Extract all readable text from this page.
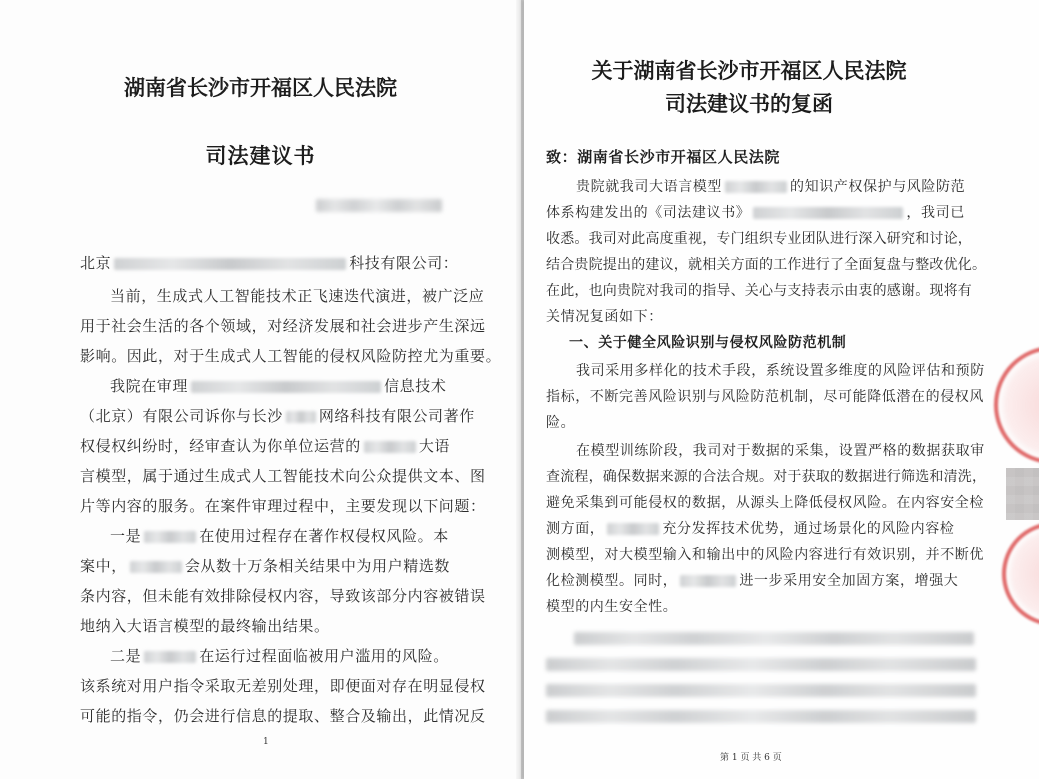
湖南省长沙市开福区人民法院
司法建议书

北京	科技有限公司：

当前，生成式人工智能技术正飞速迭代演进，被广泛应

用于社会生活的各个领域，对经济发展和社会进步产生深远

影响。因此，对于生成式人工智能的侵权风险防控尤为重要。

我院在审理	信息技术

（北京）有限公司诉你与长沙 网络科技有限公司著作

权侵权纠纷时，经审查认为你单位运营的	大语

言模型，属于通过生成式人工智能技术向公众提供文本、图

片等内容的服务。在案件审理过程中，主要发现以下问题：

一是	在使用过程存在著作权侵权风险。本

案中，	会从数十万条相关结果中为用户精选数

条内容，但未能有效排除侵权内容，导致该部分内容被错误

地纳入大语言模型的最终输出结果。

二是	在运行过程面临被用户滥用的风险。

该系统对用户指令采取无差别处理，即便面对存在明显侵权

可能的指令，仍会进行信息的提取、整合及输出，此情况反

1

关于湖南省长沙市开福区人民法院
司法建议书的复函

致：湖南省长沙市开福区人民法院

贵院就我司大语言模型	的知识产权保护与风险防范

体系构建发出的《司法建议书》	，我司已

收悉。我司对此高度重视，专门组织专业团队进行深入研究和讨论，

结合贵院提出的建议，就相关方面的工作进行了全面复盘与整改优化。

在此，也向贵院对我司的指导、关心与支持表示由衷的感谢。现将有

关情况复函如下：

一、关于健全风险识别与侵权风险防范机制

我司采用多样化的技术手段，系统设置多维度的风险评估和预防

指标，不断完善风险识别与风险防范机制，尽可能降低潜在的侵权风

险。

在模型训练阶段，我司对于数据的采集，设置严格的数据获取审

查流程，确保数据来源的合法合规。对于获取的数据进行筛选和清洗，

避免采集到可能侵权的数据，从源头上降低侵权风险。在内容安全检

测方面，	充分发挥技术优势，通过场景化的风险内容检

测模型，对大模型输入和输出中的风险内容进行有效识别，并不断优

化检测模型。同时，	进一步采用安全加固方案，增强大

模型的内生安全性。

第 1 页 共 6 页
